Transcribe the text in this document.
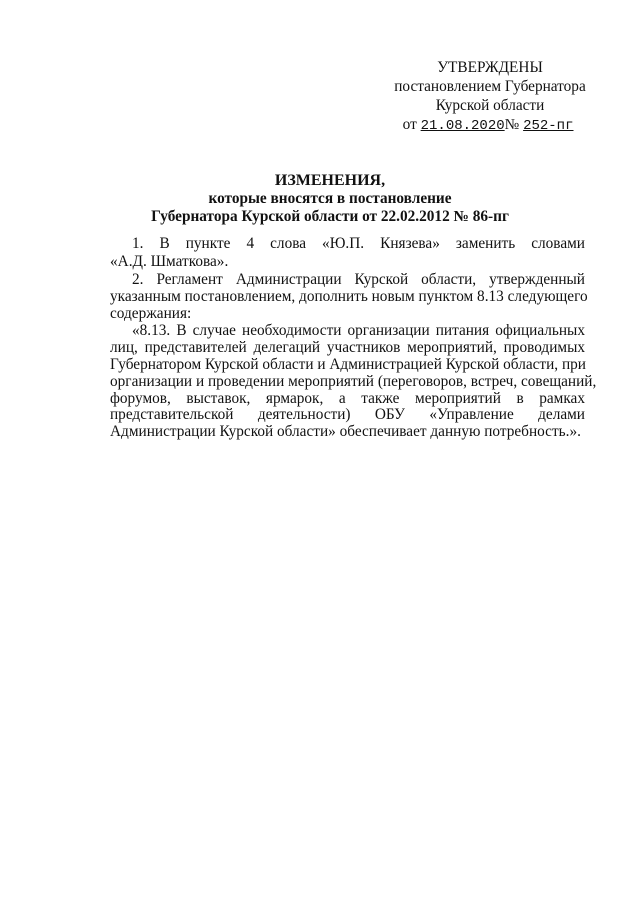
УТВЕРЖДЕНЫ
постановлением Губернатора
Курской области
от 21.08.2020№ 252-пг
ИЗМЕНЕНИЯ,
которые вносятся в постановление
Губернатора Курской области от 22.02.2012 № 86-пг
1. В пункте 4 слова «Ю.П. Князева» заменить словами
«А.Д. Шматкова».
2. Регламент Администрации Курской области, утвержденный
указанным постановлением, дополнить новым пунктом 8.13 следующего
содержания:
«8.13. В случае необходимости организации питания официальных
лиц, представителей делегаций участников мероприятий, проводимых
Губернатором Курской области и Администрацией Курской области, при
организации и проведении мероприятий (переговоров, встреч, совещаний,
форумов, выставок, ярмарок, а также мероприятий в рамках
представительской деятельности) ОБУ «Управление делами
Администрации Курской области» обеспечивает данную потребность.».
